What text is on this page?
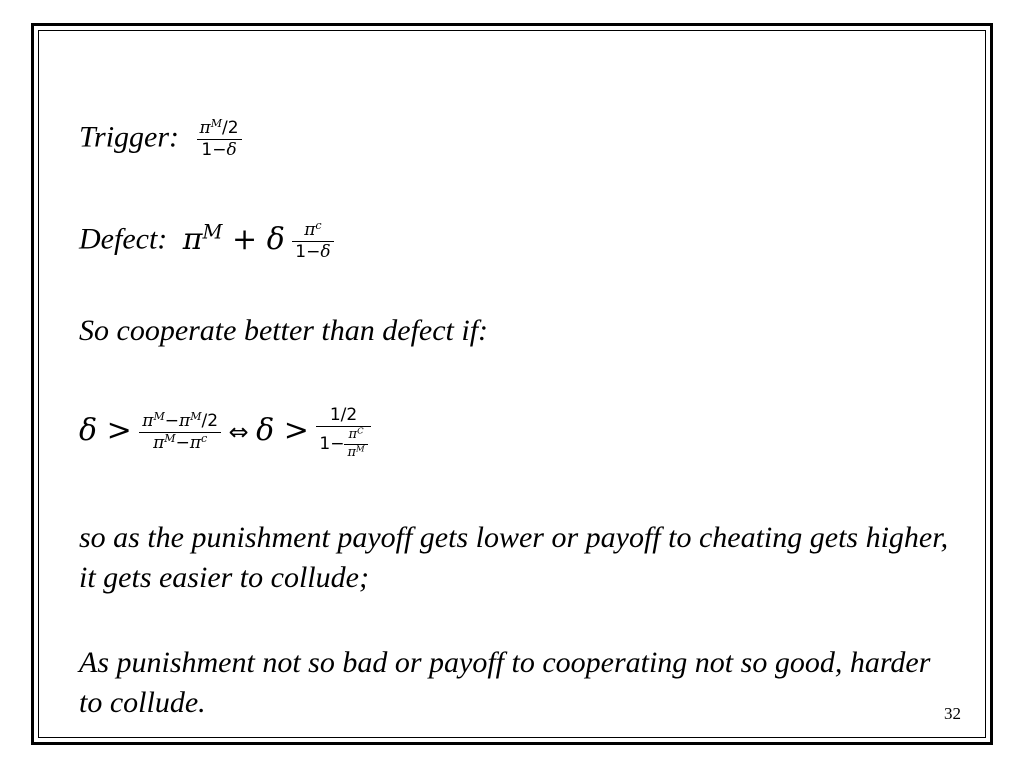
Trigger: $\frac{\pi^M/2}{1-\delta}$
Defect: $\pi^M + \delta \frac{\pi^c}{1-\delta}$
So cooperate better than defect if:
$\delta > \frac{\pi^M-\pi^M/2}{\pi^M-\pi^c}$ ⇔ $\delta > \frac{1/2}{1- \frac{\pi^C}{\pi^M}}$
so as the punishment payoff gets lower or payoff to cheating gets higher, it gets easier to collude;
As punishment not so bad or payoff to cooperating not so good, harder to collude.	32
